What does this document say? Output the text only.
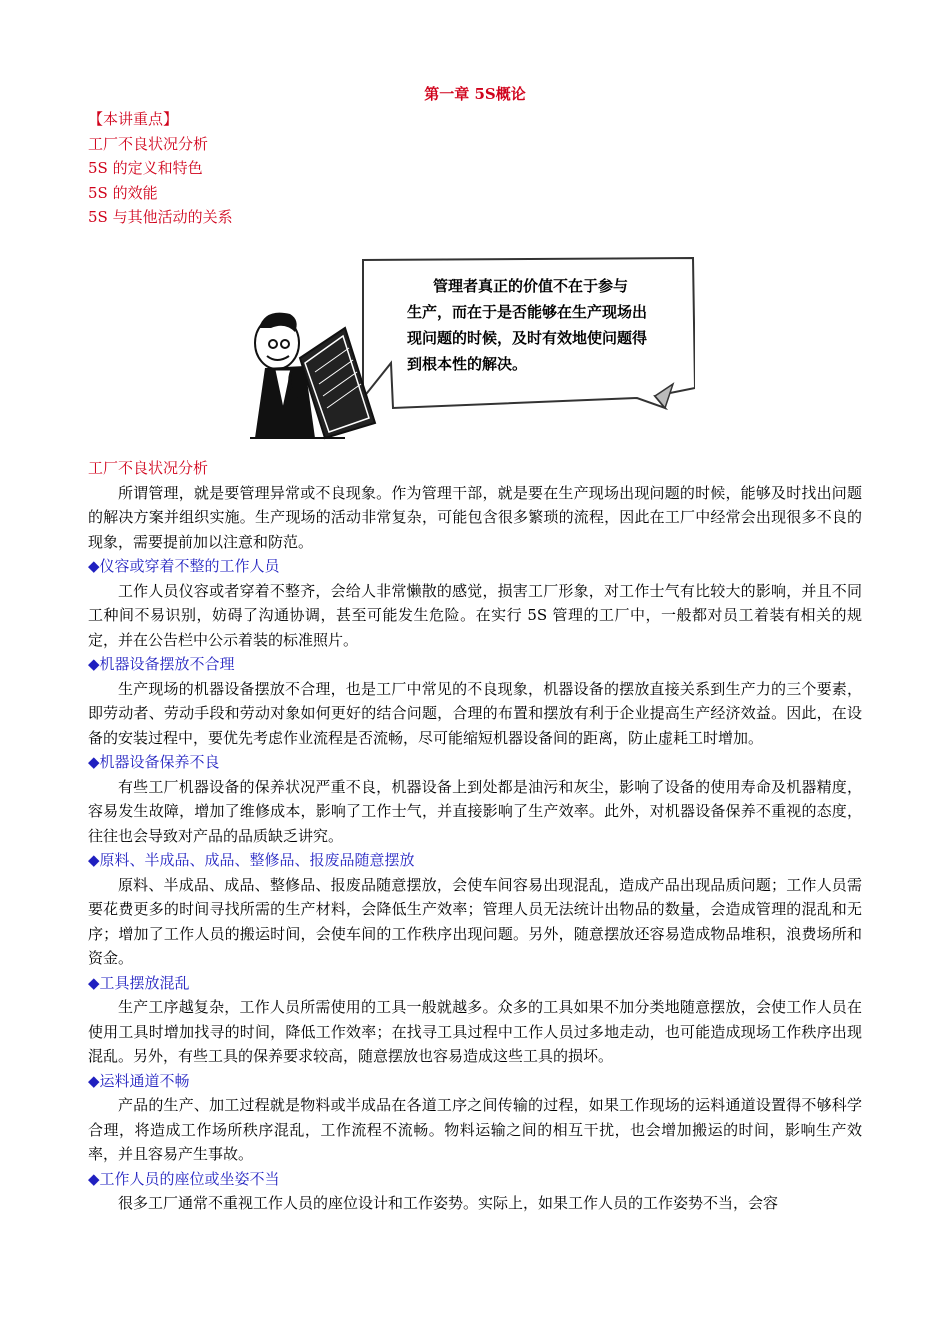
第一章 5S概论
【本讲重点】
工厂不良状况分析
5S 的定义和特色
5S 的效能
5S 与其他活动的关系
管理者真正的价值不在于参与
生产，而在于是否能够在生产现场出
现问题的时候，及时有效地使问题得
到根本性的解决。
工厂不良状况分析

所谓管理，就是要管理异常或不良现象。作为管理干部，就是要在生产现场出现问题的时候，能够及时找出问题的解决方案并组织实施。生产现场的活动非常复杂，可能包含很多繁琐的流程，因此在工厂中经常会出现很多不良的现象，需要提前加以注意和防范。

◆仪容或穿着不整的工作人员

工作人员仪容或者穿着不整齐，会给人非常懒散的感觉，损害工厂形象，对工作士气有比较大的影响，并且不同工种间不易识别，妨碍了沟通协调，甚至可能发生危险。在实行 5S 管理的工厂中，一般都对员工着装有相关的规定，并在公告栏中公示着装的标准照片。

◆机器设备摆放不合理

生产现场的机器设备摆放不合理，也是工厂中常见的不良现象，机器设备的摆放直接关系到生产力的三个要素，即劳动者、劳动手段和劳动对象如何更好的结合问题，合理的布置和摆放有利于企业提高生产经济效益。因此，在设备的安装过程中，要优先考虑作业流程是否流畅，尽可能缩短机器设备间的距离，防止虚耗工时增加。

◆机器设备保养不良

有些工厂机器设备的保养状况严重不良，机器设备上到处都是油污和灰尘，影响了设备的使用寿命及机器精度，容易发生故障，增加了维修成本，影响了工作士气，并直接影响了生产效率。此外，对机器设备保养不重视的态度，往往也会导致对产品的品质缺乏讲究。

◆原料、半成品、成品、整修品、报废品随意摆放

原料、半成品、成品、整修品、报废品随意摆放，会使车间容易出现混乱，造成产品出现品质问题；工作人员需要花费更多的时间寻找所需的生产材料，会降低生产效率；管理人员无法统计出物品的数量，会造成管理的混乱和无序；增加了工作人员的搬运时间，会使车间的工作秩序出现问题。另外，随意摆放还容易造成物品堆积，浪费场所和资金。

◆工具摆放混乱

生产工序越复杂，工作人员所需使用的工具一般就越多。众多的工具如果不加分类地随意摆放，会使工作人员在使用工具时增加找寻的时间，降低工作效率；在找寻工具过程中工作人员过多地走动，也可能造成现场工作秩序出现混乱。另外，有些工具的保养要求较高，随意摆放也容易造成这些工具的损坏。

◆运料通道不畅

产品的生产、加工过程就是物料或半成品在各道工序之间传输的过程，如果工作现场的运料通道设置得不够科学合理，将造成工作场所秩序混乱，工作流程不流畅。物料运输之间的相互干扰，也会增加搬运的时间，影响生产效率，并且容易产生事故。

◆工作人员的座位或坐姿不当

很多工厂通常不重视工作人员的座位设计和工作姿势。实际上，如果工作人员的工作姿势不当，会容
